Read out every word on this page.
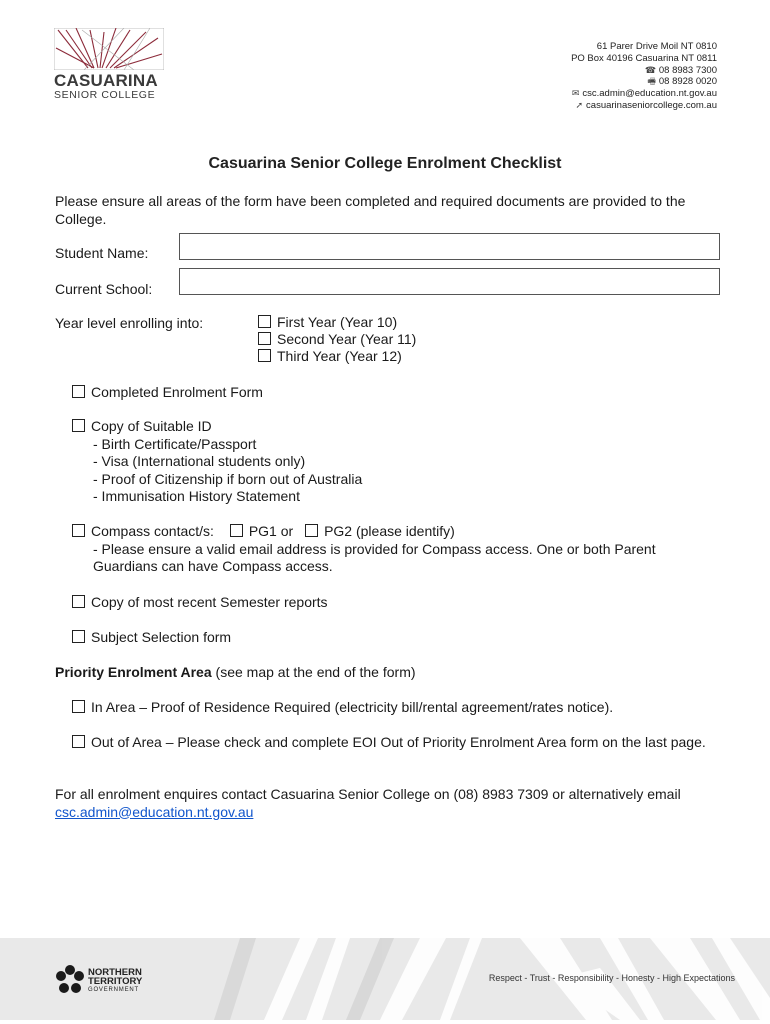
CASUARINA
SENIOR COLLEGE
61 Parer Drive Moil NT 0810
PO Box 40196 Casuarina NT 0811
☎ 08 8983 7300
🖷 08 8928 0020
✉ csc.admin@education.nt.gov.au
➚ casuarinaseniorcollege.com.au
Casuarina Senior College Enrolment Checklist
Please ensure all areas of the form have been completed and required documents are provided to the College.
Student Name:
Current School:
Year level enrolling into:	First Year (Year 10)
Second Year (Year 11)
Third Year (Year 12)
Completed Enrolment Form
Copy of Suitable ID
- Birth Certificate/Passport
- Visa (International students only)
- Proof of Citizenship if born out of Australia
- Immunisation History Statement
Compass contact/s: PG1 or PG2 (please identify)
- Please ensure a valid email address is provided for Compass access. One or both Parent Guardians can have Compass access.
Copy of most recent Semester reports
Subject Selection form
Priority Enrolment Area (see map at the end of the form)
In Area – Proof of Residence Required (electricity bill/rental agreement/rates notice).
Out of Area – Please check and complete EOI Out of Priority Enrolment Area form on the last page.
For all enrolment enquires contact Casuarina Senior College on (08) 8983 7309 or alternatively email csc.admin@education.nt.gov.au
NORTHERN
TERRITORY
GOVERNMENT
Respect - Trust - Responsibility - Honesty - High Expectations
